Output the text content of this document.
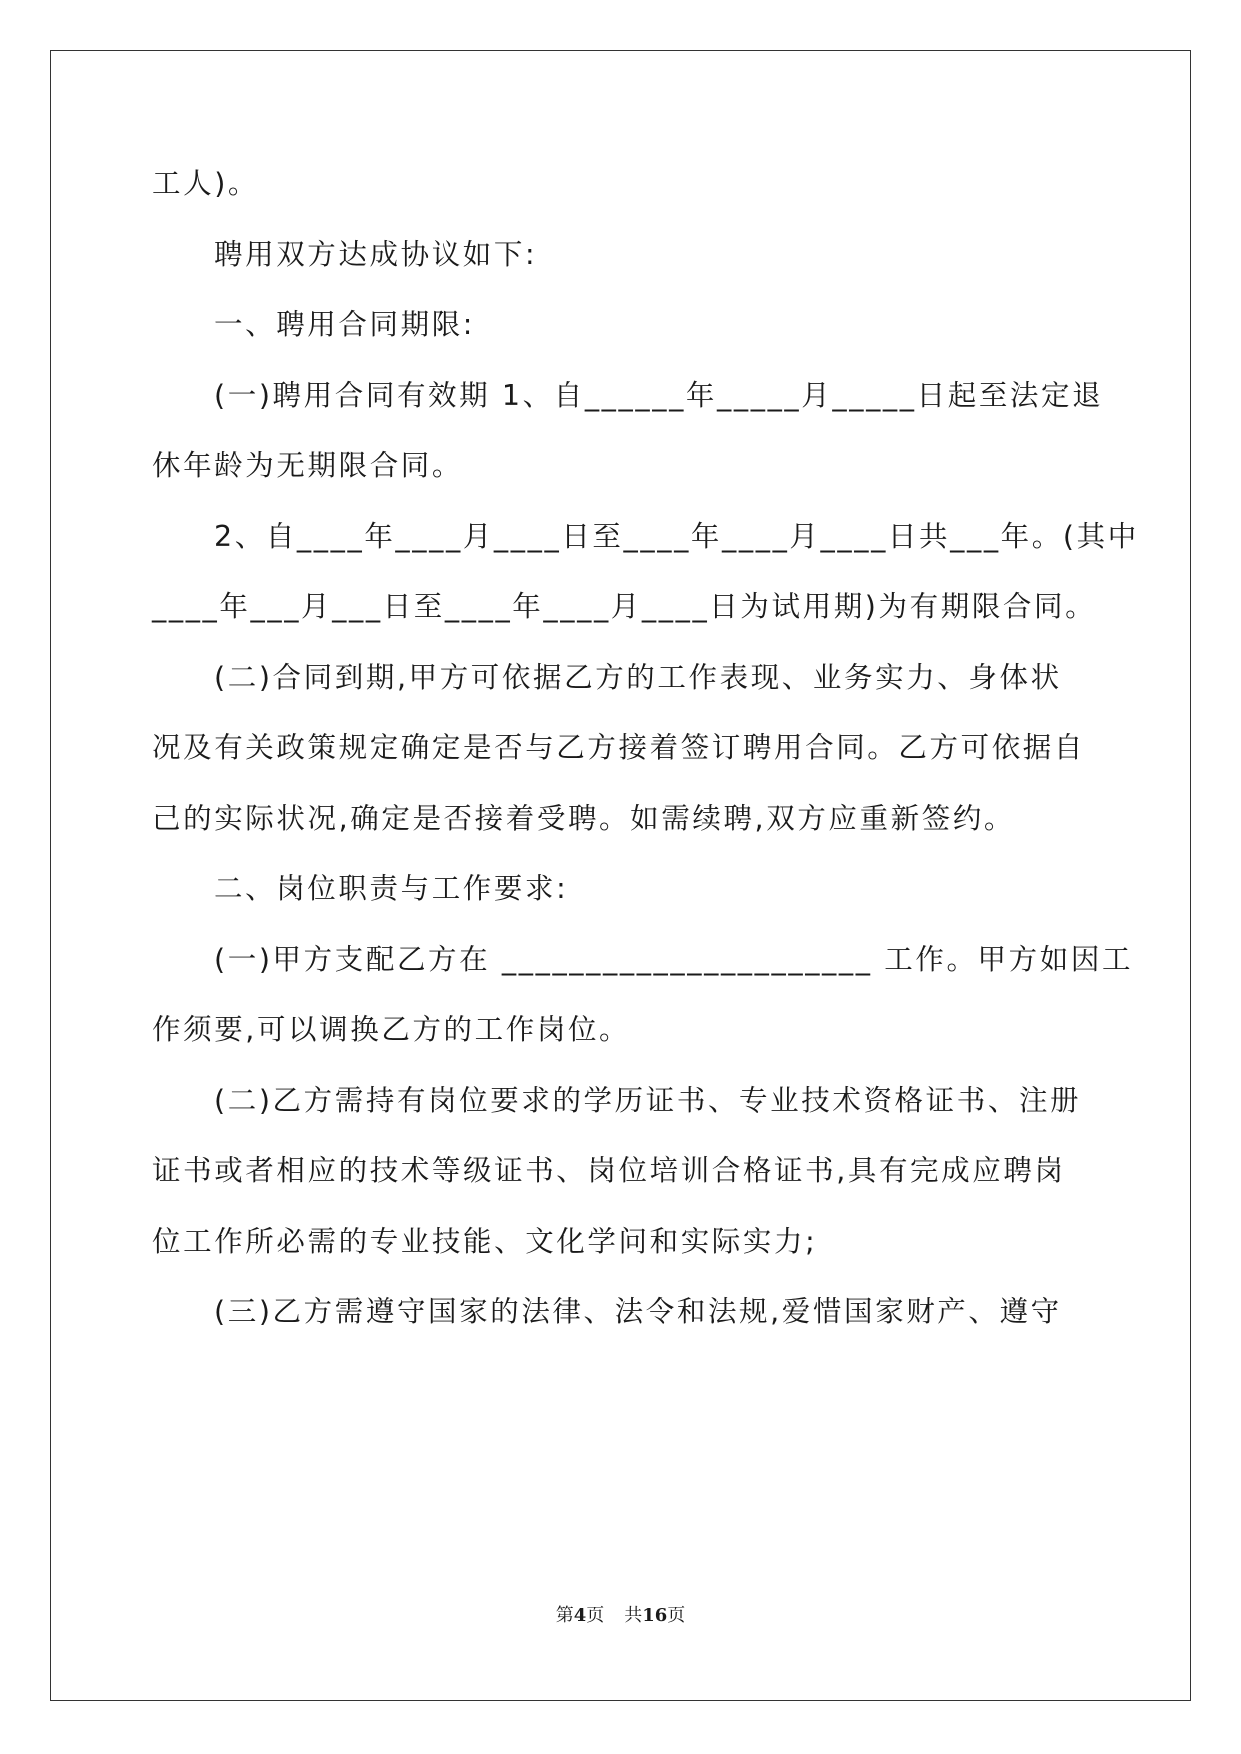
工人)。
聘用双方达成协议如下:
一、聘用合同期限:
(一)聘用合同有效期 1、自______年_____月_____日起至法定退
休年龄为无期限合同。
2、自____年____月____日至____年____月____日共___年。(其中
____年___月___日至____年____月____日为试用期)为有期限合同。
(二)合同到期,甲方可依据乙方的工作表现、业务实力、身体状
况及有关政策规定确定是否与乙方接着签订聘用合同。乙方可依据自
己的实际状况,确定是否接着受聘。如需续聘,双方应重新签约。
二、岗位职责与工作要求:
(一)甲方支配乙方在 ______________________ 工作。甲方如因工
作须要,可以调换乙方的工作岗位。
(二)乙方需持有岗位要求的学历证书、专业技术资格证书、注册
证书或者相应的技术等级证书、岗位培训合格证书,具有完成应聘岗
位工作所必需的专业技能、文化学问和实际实力;
(三)乙方需遵守国家的法律、法令和法规,爱惜国家财产、遵守
第4页 共16页
